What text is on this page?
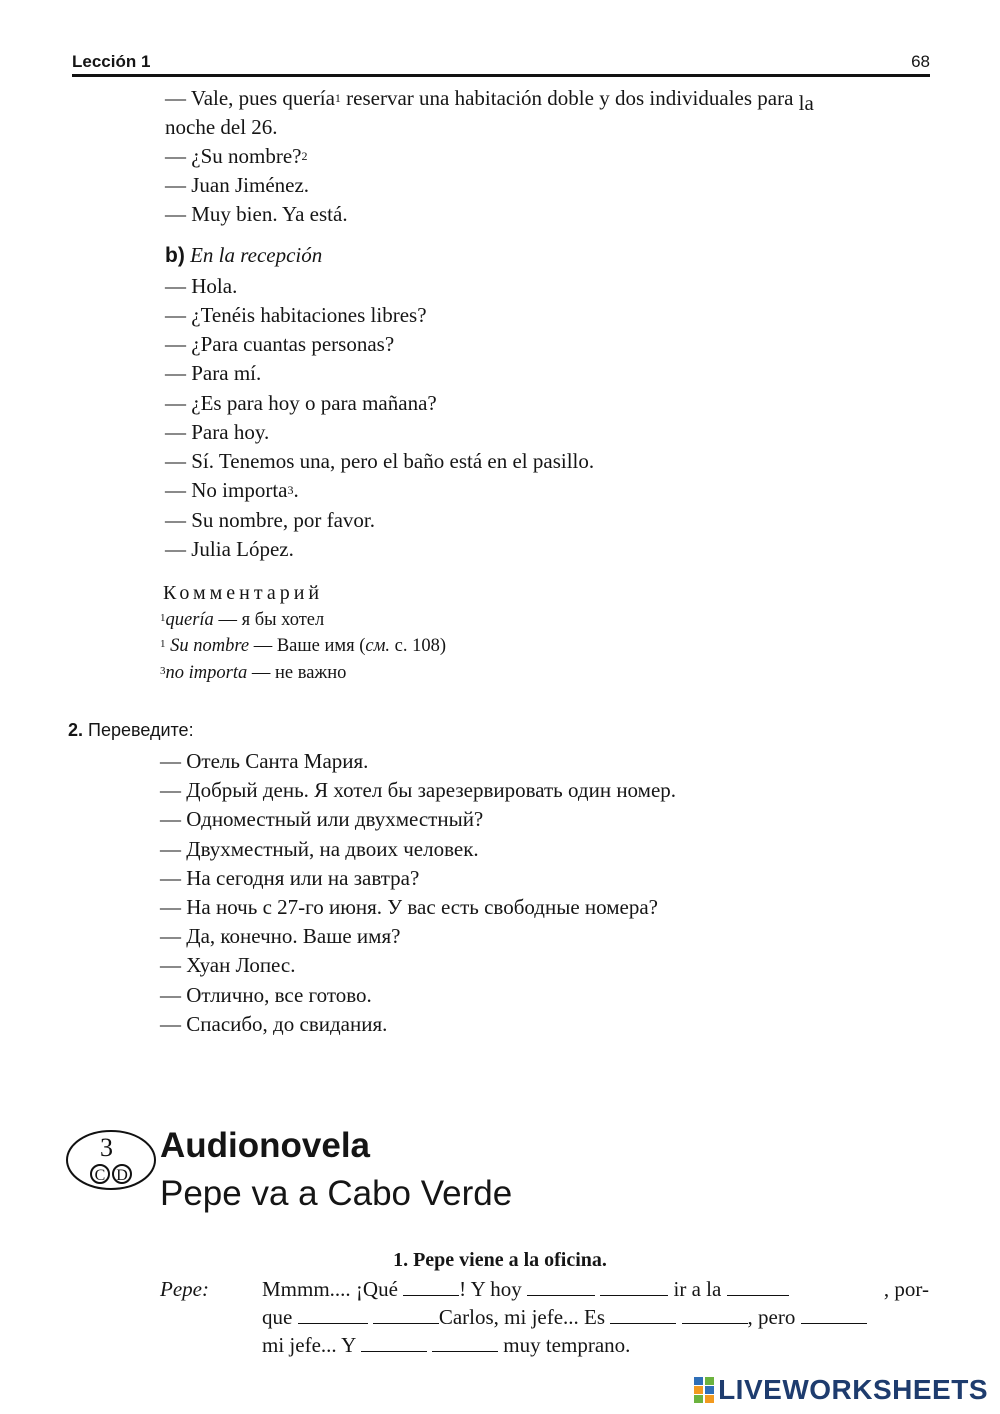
Lección 1	68
— Vale, pues quería$^1$ reservar una habitación doble y dos individuales para la
noche del 26.
— ¿Su nombre?$^2$
— Juan Jiménez.
— Muy bien. Ya está.
b) En la recepción
— Hola.
— ¿Tenéis habitaciones libres?
— ¿Para cuantas personas?
— Para mí.
— ¿Es para hoy o para mañana?
— Para hoy.
— Sí. Tenemos una, pero el baño está en el pasillo.
— No importa$^3$.
— Su nombre, por favor.
— Julia López.
Комментарий
$^1$quería — я бы хотел
$^1$ Su nombre — Ваше имя (см. с. 108)
$^3$no importa — не важно
2. Переведите:
— Отель Санта Мария.
— Добрый день. Я хотел бы зарезервировать один номер.
— Одноместный или двухместный?
— Двухместный, на двоих человек.
— На сегодня или на завтра?
— На ночь с 27-го июня. У вас есть свободные номера?
— Да, конечно. Ваше имя?
— Хуан Лопес.
— Отлично, все готово.
— Спасибо, до свидания.
3
C D
Audionovela
Pepe va a Cabo Verde
1. Pepe viene a la oficina.
Pepe:	Mmmm.... ¡Qué	! Y hoy	ir a la	, por-
que	Carlos, mi jefe... Es	, pero
mi jefe... Y	muy temprano.
LIVEWORKSHEETS
